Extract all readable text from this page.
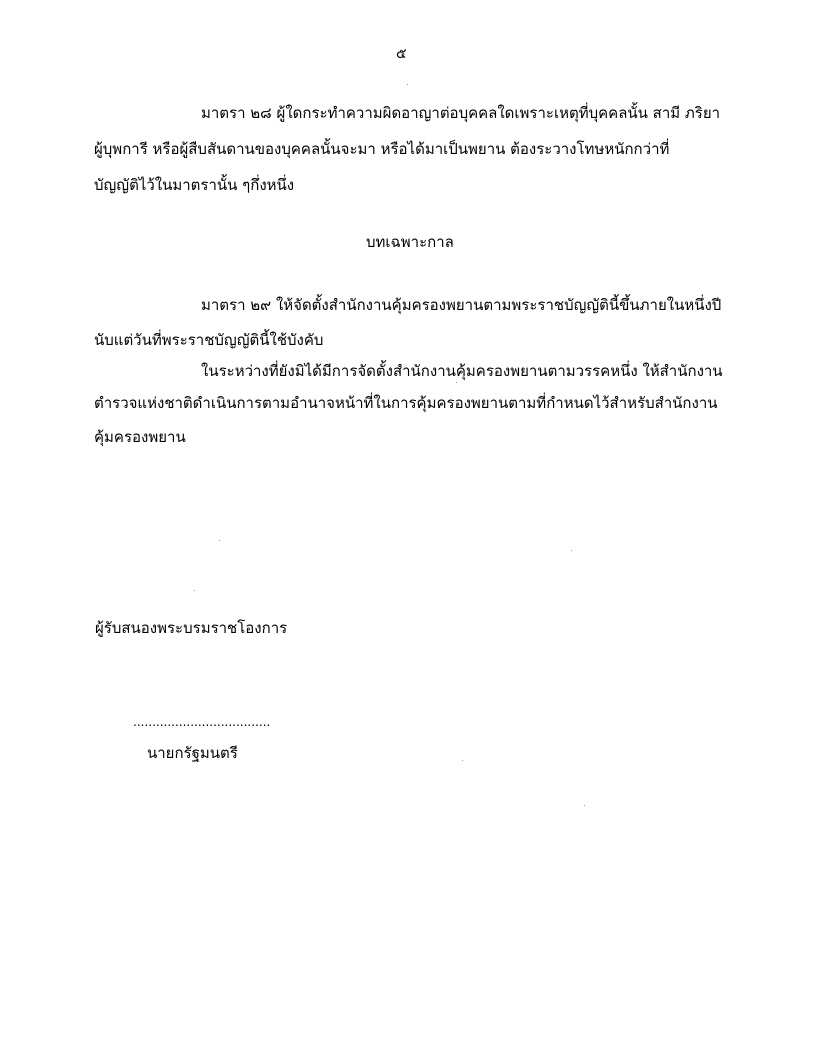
๕
มาตรา ๒๘ ผู้ใดกระทำความผิดอาญาต่อบุคคลใดเพราะเหตุที่บุคคลนั้น สามี ภริยา
ผู้บุพการี หรือผู้สืบสันดานของบุคคลนั้นจะมา หรือได้มาเป็นพยาน ต้องระวางโทษหนักกว่าที่
บัญญัติไว้ในมาตรานั้น ๆกึ่งหนึ่ง
บทเฉพาะกาล
มาตรา ๒๙ ให้จัดตั้งสำนักงานคุ้มครองพยานตามพระราชบัญญัตินี้ขึ้นภายในหนึ่งปี
นับแต่วันที่พระราชบัญญัตินี้ใช้บังคับ
ในระหว่างที่ยังมิได้มีการจัดตั้งสำนักงานคุ้มครองพยานตามวรรคหนึ่ง ให้สำนักงาน
ตำรวจแห่งชาติดำเนินการตามอำนาจหน้าที่ในการคุ้มครองพยานตามที่กำหนดไว้สำหรับสำนักงาน
คุ้มครองพยาน
ผู้รับสนองพระบรมราชโองการ
....................................
นายกรัฐมนตรี
